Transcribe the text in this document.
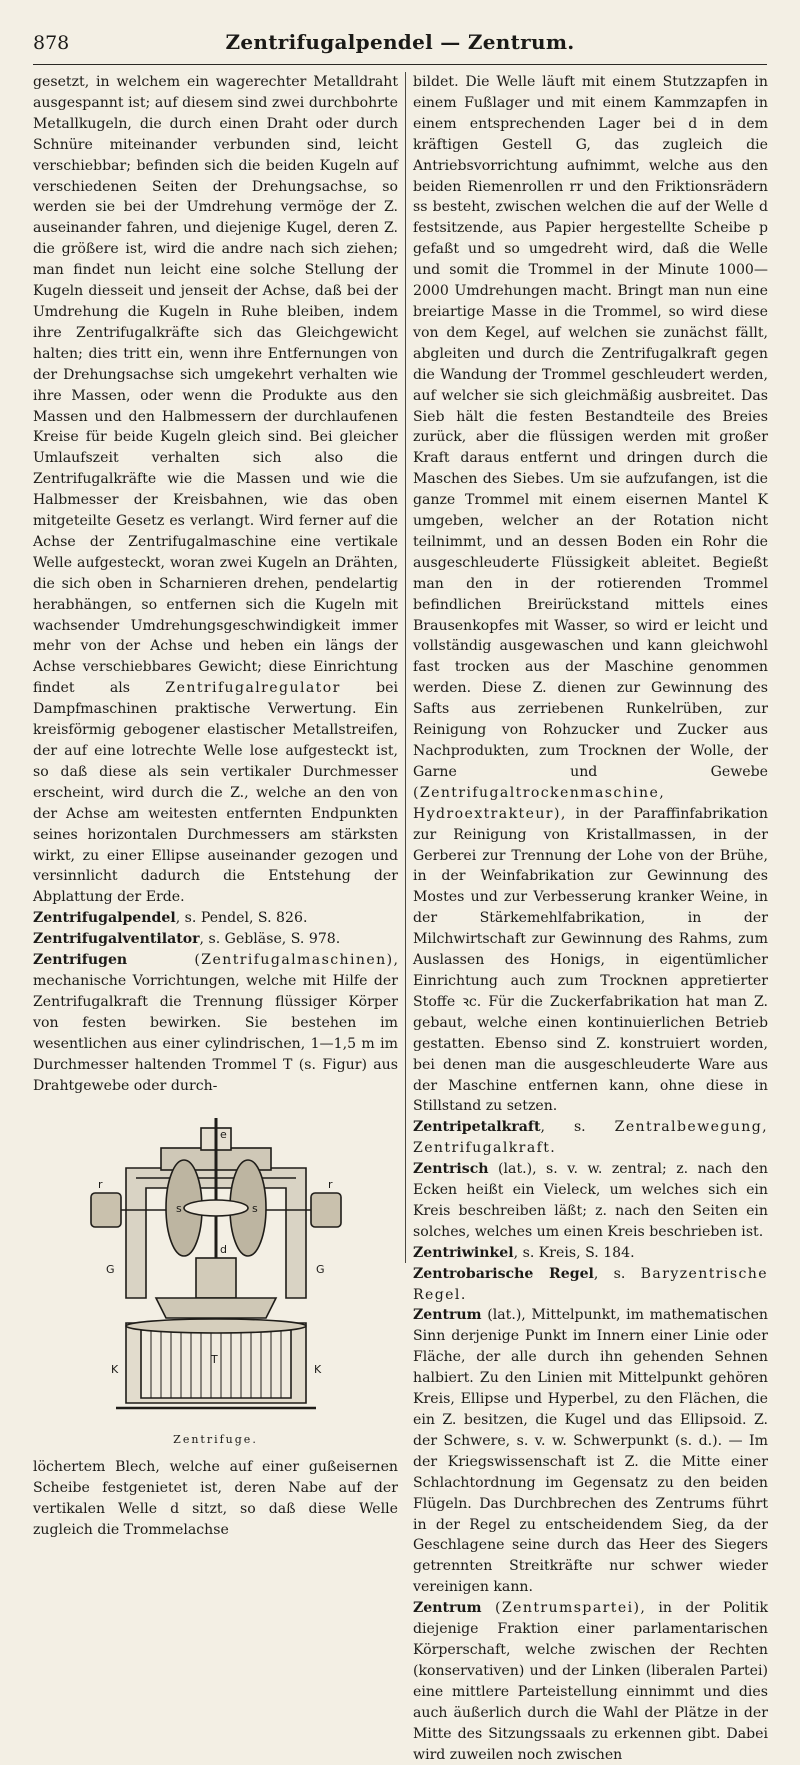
878	Zentrifugalpendel — Zentrum.

gesetzt, in welchem ein wagerechter Metalldraht ausgespannt ist; auf diesem sind zwei durchbohrte Metallkugeln, die durch einen Draht oder durch Schnüre miteinander verbunden sind, leicht verschiebbar; befinden sich die beiden Kugeln auf verschiedenen Seiten der Drehungsachse, so werden sie bei der Umdrehung vermöge der Z. auseinander fahren, und diejenige Kugel, deren Z. die größere ist, wird die andre nach sich ziehen; man findet nun leicht eine solche Stellung der Kugeln diesseit und jenseit der Achse, daß bei der Umdrehung die Kugeln in Ruhe bleiben, indem ihre Zentrifugalkräfte sich das Gleichgewicht halten; dies tritt ein, wenn ihre Entfernungen von der Drehungsachse sich umgekehrt verhalten wie ihre Massen, oder wenn die Produkte aus den Massen und den Halbmessern der durchlaufenen Kreise für beide Kugeln gleich sind. Bei gleicher Umlaufszeit verhalten sich also die Zentrifugalkräfte wie die Massen und wie die Halbmesser der Kreisbahnen, wie das oben mitgeteilte Gesetz es verlangt. Wird ferner auf die Achse der Zentrifugalmaschine eine vertikale Welle aufgesteckt, woran zwei Kugeln an Drähten, die sich oben in Scharnieren drehen, pendelartig herabhängen, so entfernen sich die Kugeln mit wachsender Umdrehungsgeschwindigkeit immer mehr von der Achse und heben ein längs der Achse verschiebbares Gewicht; diese Einrichtung findet als Zentrifugalregulator bei Dampfmaschinen praktische Verwertung. Ein kreisförmig gebogener elastischer Metallstreifen, der auf eine lotrechte Welle lose aufgesteckt ist, so daß diese als sein vertikaler Durchmesser erscheint, wird durch die Z., welche an den von der Achse am weitesten entfernten Endpunkten seines horizontalen Durchmessers am stärksten wirkt, zu einer Ellipse auseinander gezogen und versinnlicht dadurch die Entstehung der Abplattung der Erde.

Zentrifugalpendel, s. Pendel, S. 826.

Zentrifugalventilator, s. Gebläse, S. 978.

Zentrifugen	(Zentrifugalmaschinen), mechanische Vorrichtungen, welche mit Hilfe der Zentrifugalkraft die Trennung flüssiger Körper von festen bewirken. Sie bestehen im wesentlichen aus einer cylindrischen, 1—1,5 m im Durchmesser haltenden Trommel T (s. Figur) aus Drahtgewebe oder durch-

e
s	s
r	r
d
G	G
T
K	K
Zentrifuge.

löchertem Blech, welche auf einer gußeisernen Scheibe festgenietet ist, deren Nabe auf der vertikalen Welle d sitzt, so daß diese Welle zugleich die Trommelachse

bildet. Die Welle läuft mit einem Stutzzapfen in einem Fußlager und mit einem Kammzapfen in einem entsprechenden Lager bei d in dem kräftigen Gestell G, das zugleich die Antriebsvorrichtung aufnimmt, welche aus den beiden Riemenrollen rr und den Friktionsrädern ss besteht, zwischen welchen die auf der Welle d festsitzende, aus Papier hergestellte Scheibe p gefaßt und so umgedreht wird, daß die Welle und somit die Trommel in der Minute 1000—2000 Umdrehungen macht. Bringt man nun eine breiartige Masse in die Trommel, so wird diese von dem Kegel, auf welchen sie zunächst fällt, abgleiten und durch die Zentrifugalkraft gegen die Wandung der Trommel geschleudert werden, auf welcher sie sich gleichmäßig ausbreitet. Das Sieb hält die festen Bestandteile des Breies zurück, aber die flüssigen werden mit großer Kraft daraus entfernt und dringen durch die Maschen des Siebes. Um sie aufzufangen, ist die ganze Trommel mit einem eisernen Mantel K umgeben, welcher an der Rotation nicht teilnimmt, und an dessen Boden ein Rohr die ausgeschleuderte Flüssigkeit ableitet. Begießt man den in der rotierenden Trommel befindlichen Breirückstand mittels eines Brausenkopfes mit Wasser, so wird er leicht und vollständig ausgewaschen und kann gleichwohl fast trocken aus der Maschine genommen werden. Diese Z. dienen zur Gewinnung des Safts aus zerriebenen Runkelrüben, zur Reinigung von Rohzucker und Zucker aus Nachprodukten, zum Trocknen der Wolle, der Garne und Gewebe (Zentrifugaltrockenmaschine, Hydroextrakteur), in der Paraffinfabrikation zur Reinigung von Kristallmassen, in der Gerberei zur Trennung der Lohe von der Brühe, in der Weinfabrikation zur Gewinnung des Mostes und zur Verbesserung kranker Weine, in der Stärkemehlfabrikation, in der Milchwirtschaft zur Gewinnung des Rahms, zum Auslassen des Honigs, in eigentümlicher Einrichtung auch zum Trocknen appretierter Stoffe ꝛc. Für die Zuckerfabrikation hat man Z. gebaut, welche einen kontinuierlichen Betrieb gestatten. Ebenso sind Z. konstruiert worden, bei denen man die ausgeschleuderte Ware aus der Maschine entfernen kann, ohne diese in Stillstand zu setzen.

Zentripetalkraft, s. Zentralbewegung, Zentrifugalkraft.

Zentrisch (lat.), s. v. w. zentral; z. nach den Ecken heißt ein Vieleck, um welches sich ein Kreis beschreiben läßt; z. nach den Seiten ein solches, welches um einen Kreis beschrieben ist.

Zentriwinkel, s. Kreis, S. 184.

Zentrobarische Regel, s. Baryzentrische Regel.

Zentrum (lat.), Mittelpunkt, im mathematischen Sinn derjenige Punkt im Innern einer Linie oder Fläche, der alle durch ihn gehenden Sehnen halbiert. Zu den Linien mit Mittelpunkt gehören Kreis, Ellipse und Hyperbel, zu den Flächen, die ein Z. besitzen, die Kugel und das Ellipsoid. Z. der Schwere, s. v. w. Schwerpunkt (s. d.). — Im der Kriegswissenschaft ist Z. die Mitte einer Schlachtordnung im Gegensatz zu den beiden Flügeln. Das Durchbrechen des Zentrums führt in der Regel zu entscheidendem Sieg, da der Geschlagene seine durch das Heer des Siegers getrennten Streitkräfte nur schwer wieder vereinigen kann.

Zentrum (Zentrumspartei), in der Politik diejenige Fraktion einer parlamentarischen Körperschaft, welche zwischen der Rechten (konservativen) und der Linken (liberalen Partei) eine mittlere Parteistellung einnimmt und dies auch äußerlich durch die Wahl der Plätze in der Mitte des Sitzungssaals zu erkennen gibt. Dabei wird zuweilen noch zwischen
